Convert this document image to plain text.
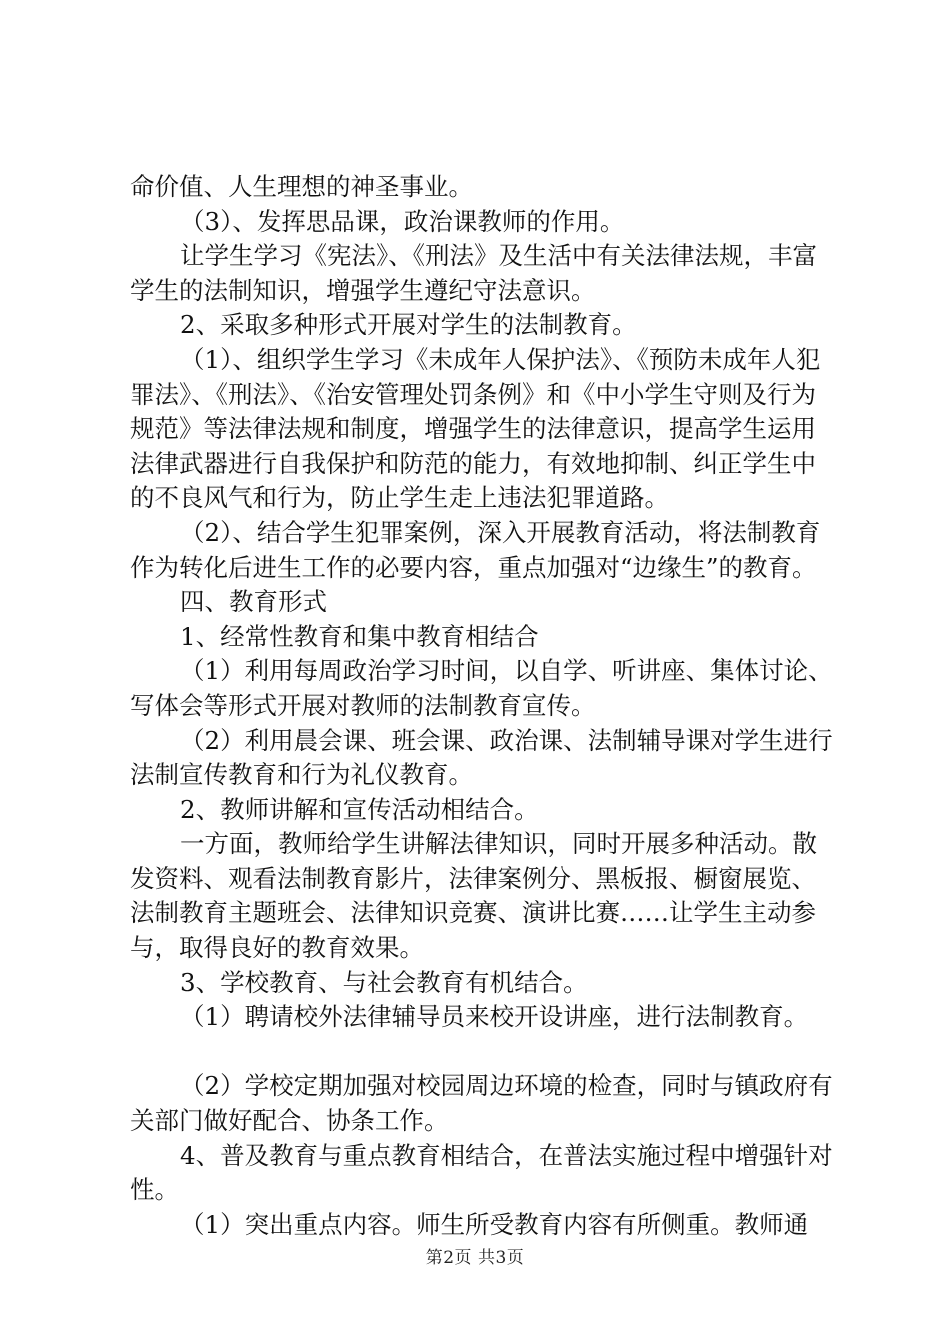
命价值、人生理想的神圣事业。

（3）、发挥思品课，政治课教师的作用。

让学生学习《宪法》、《刑法》及生活中有关法律法规，丰富学生的法制知识，增强学生遵纪守法意识。

2、采取多种形式开展对学生的法制教育。

（1）、组织学生学习《未成年人保护法》、《预防未成年人犯罪法》、《刑法》、《治安管理处罚条例》和《中小学生守则及行为规范》等法律法规和制度，增强学生的法律意识，提高学生运用法律武器进行自我保护和防范的能力，有效地抑制、纠正学生中的不良风气和行为，防止学生走上违法犯罪道路。

（2）、结合学生犯罪案例，深入开展教育活动，将法制教育作为转化后进生工作的必要内容，重点加强对“边缘生”的教育。

四、教育形式

1、经常性教育和集中教育相结合

（1）利用每周政治学习时间，以自学、听讲座、集体讨论、写体会等形式开展对教师的法制教育宣传。

（2）利用晨会课、班会课、政治课、法制辅导课对学生进行法制宣传教育和行为礼仪教育。

2、教师讲解和宣传活动相结合。

一方面，教师给学生讲解法律知识，同时开展多种活动。散发资料、观看法制教育影片，法律案例分、黑板报、橱窗展览、法制教育主题班会、法律知识竞赛、演讲比赛……让学生主动参与，取得良好的教育效果。

3、学校教育、与社会教育有机结合。

（1）聘请校外法律辅导员来校开设讲座，进行法制教育。

（2）学校定期加强对校园周边环境的检查，同时与镇政府有关部门做好配合、协条工作。

4、普及教育与重点教育相结合，在普法实施过程中增强针对性。

（1）突出重点内容。师生所受教育内容有所侧重。教师通

第2页 共3页
